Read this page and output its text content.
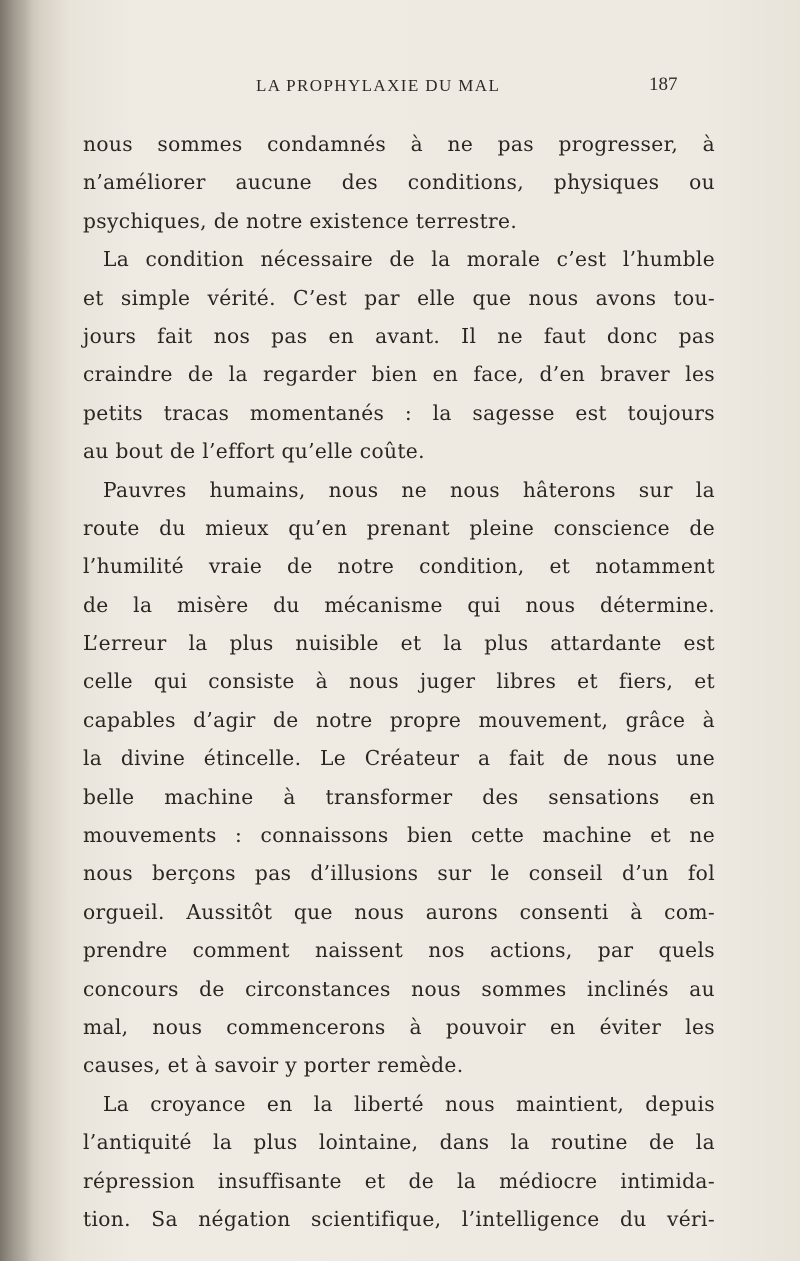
LA PROPHYLAXIE DU MAL	187
nous sommes condamnés à ne pas progresser, à
n’améliorer aucune des conditions, physiques ou
psychiques, de notre existence terrestre.
La condition nécessaire de la morale c’est l’humble
et simple vérité. C’est par elle que nous avons tou-
jours fait nos pas en avant. Il ne faut donc pas
craindre de la regarder bien en face, d’en braver les
petits tracas momentanés : la sagesse est toujours
au bout de l’effort qu’elle coûte.
Pauvres humains, nous ne nous hâterons sur la
route du mieux qu’en prenant pleine conscience de
l’humilité vraie de notre condition, et notamment
de la misère du mécanisme qui nous détermine.
L’erreur la plus nuisible et la plus attardante est
celle qui consiste à nous juger libres et fiers, et
capables d’agir de notre propre mouvement, grâce à
la divine étincelle. Le Créateur a fait de nous une
belle machine à transformer des sensations en
mouvements : connaissons bien cette machine et ne
nous berçons pas d’illusions sur le conseil d’un fol
orgueil. Aussitôt que nous aurons consenti à com-
prendre comment naissent nos actions, par quels
concours de circonstances nous sommes inclinés au
mal, nous commencerons à pouvoir en éviter les
causes, et à savoir y porter remède.
La croyance en la liberté nous maintient, depuis
l’antiquité la plus lointaine, dans la routine de la
répression insuffisante et de la médiocre intimida-
tion. Sa négation scientifique, l’intelligence du véri-
